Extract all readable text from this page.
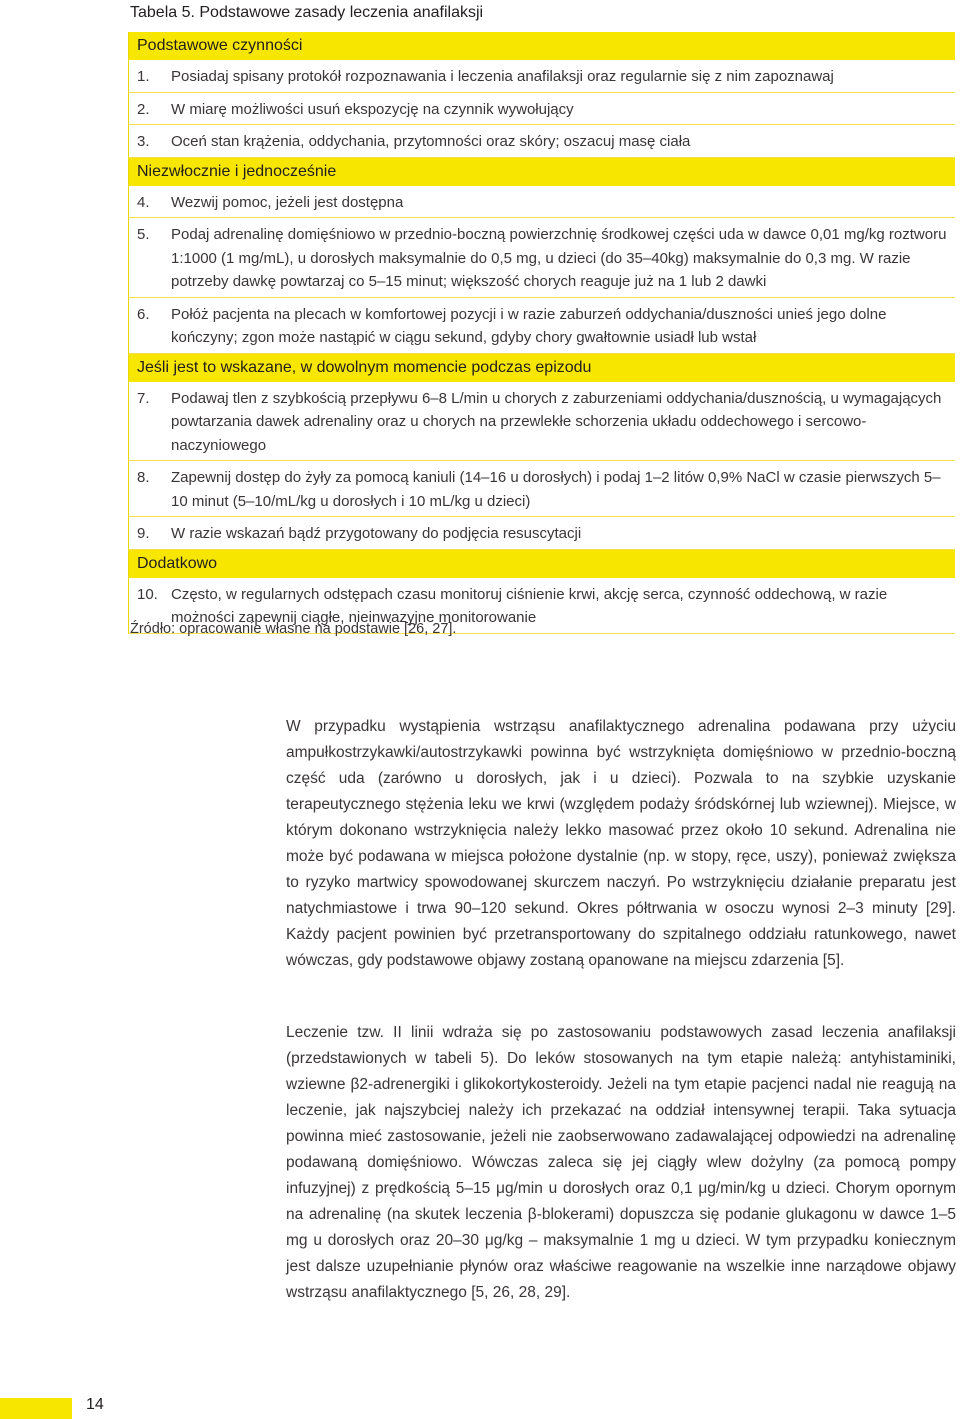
Tabela 5. Podstawowe zasady leczenia anafilaksji
Podstawowe czynności
1.	Posiadaj spisany protokół rozpoznawania i leczenia anafilaksji oraz regularnie się z nim zapoznawaj
2.	W miarę możliwości usuń ekspozycję na czynnik wywołujący
3.	Oceń stan krążenia, oddychania, przytomności oraz skóry; oszacuj masę ciała
Niezwłocznie i jednocześnie
4.	Wezwij pomoc, jeżeli jest dostępna
5.	Podaj adrenalinę domięśniowo w przednio-boczną powierzchnię środkowej części uda w dawce 0,01 mg/kg roztworu 1:1000 (1 mg/mL), u dorosłych maksymalnie do 0,5 mg, u dzieci (do 35–40kg) maksymalnie do 0,3 mg. W razie potrzeby dawkę powtarzaj co 5–15 minut; większość chorych reaguje już na 1 lub 2 dawki
6.	Połóż pacjenta na plecach w komfortowej pozycji i w razie zaburzeń oddychania/duszności unieś jego dolne kończyny; zgon może nastąpić w ciągu sekund, gdyby chory gwałtownie usiadł lub wstał
Jeśli jest to wskazane, w dowolnym momencie podczas epizodu
7.	Podawaj tlen z szybkością przepływu 6–8 L/min u chorych z zaburzeniami oddychania/dusznością, u wymagających powtarzania dawek adrenaliny oraz u chorych na przewlekłe schorzenia układu oddechowego i sercowo-naczyniowego
8.	Zapewnij dostęp do żyły za pomocą kaniuli (14–16 u dorosłych) i podaj 1–2 litów 0,9% NaCl w czasie pierwszych 5–10 minut (5–10/mL/kg u dorosłych i 10 mL/kg u dzieci)
9.	W razie wskazań bądź przygotowany do podjęcia resuscytacji
Dodatkowo
10. Często, w regularnych odstępach czasu monitoruj ciśnienie krwi, akcję serca, czynność oddechową, w razie możności zapewnij ciągłe, nieinwazyjne monitorowanie
Źródło: opracowanie własne na podstawie [26, 27].
W przypadku wystąpienia wstrząsu anafilaktycznego adrenalina podawana przy użyciu ampułkostrzykawki/autostrzykawki powinna być wstrzyknięta domięśniowo w przednio-boczną część uda (zarówno u dorosłych, jak i u dzieci). Pozwala to na szybkie uzyskanie terapeutycznego stężenia leku we krwi (względem podaży śródskórnej lub wziewnej). Miejsce, w którym dokonano wstrzyknięcia należy lekko masować przez około 10 sekund. Adrenalina nie może być podawana w miejsca położone dystalnie (np. w stopy, ręce, uszy), ponieważ zwiększa to ryzyko martwicy spowodowanej skurczem naczyń. Po wstrzyknięciu działanie preparatu jest natychmiastowe i trwa 90–120 sekund. Okres półtrwania w osoczu wynosi 2–3 minuty [29]. Każdy pacjent powinien być przetransportowany do szpitalnego oddziału ratunkowego, nawet wówczas, gdy podstawowe objawy zostaną opanowane na miejscu zdarzenia [5].
Leczenie tzw. II linii wdraża się po zastosowaniu podstawowych zasad leczenia anafilaksji (przedstawionych w tabeli 5). Do leków stosowanych na tym etapie należą: antyhistaminiki, wziewne β2-adrenergiki i glikokortykosteroidy. Jeżeli na tym etapie pacjenci nadal nie reagują na leczenie, jak najszybciej należy ich przekazać na oddział intensywnej terapii. Taka sytuacja powinna mieć zastosowanie, jeżeli nie zaobserwowano zadawalającej odpowiedzi na adrenalinę podawaną domięśniowo. Wówczas zaleca się jej ciągły wlew dożylny (za pomocą pompy infuzyjnej) z prędkością 5–15 μg/min u dorosłych oraz 0,1 μg/min/kg u dzieci. Chorym opornym na adrenalinę (na skutek leczenia β-blokerami) dopuszcza się podanie glukagonu w dawce 1–5 mg u dorosłych oraz 20–30 μg/kg – maksymalnie 1 mg u dzieci. W tym przypadku koniecznym jest dalsze uzupełnianie płynów oraz właściwe reagowanie na wszelkie inne narządowe objawy wstrząsu anafilaktycznego [5, 26, 28, 29].
14
